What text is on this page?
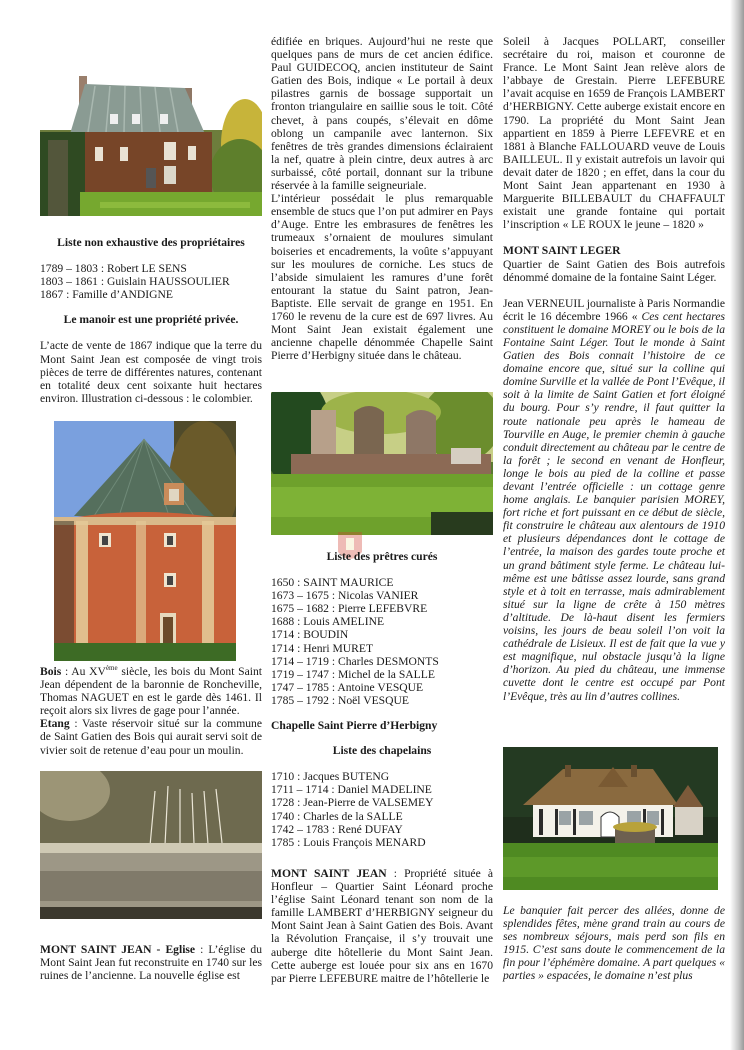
Liste non exhaustive des propriétaires
1789 – 1803 : Robert LE SENS
1803 – 1861 : Guislain HAUSSOULIER
1867 : Famille d’ANDIGNE
Le manoir est une propriété privée.
L’acte de vente de 1867 indique que la terre du Mont Saint Jean est composée de vingt trois pièces de terre de différentes natures, contenant en totalité deux cent soixante huit hectares environ. Illustration ci-dessous : le colombier.
Bois : Au XVème siècle, les bois du Mont Saint Jean dépendent de la baronnie de Roncheville, Thomas NAGUET en est le garde dès 1461. Il reçoit alors six livres de gage pour l’année.
Etang : Vaste réservoir situé sur la commune de Saint Gatien des Bois qui aurait servi soit de vivier soit de retenue d’eau pour un moulin.
MONT SAINT JEAN - Eglise : L’église du Mont Saint Jean fut reconstruite en 1740 sur les ruines de l’ancienne. La nouvelle église est
édifiée en briques. Aujourd’hui ne reste que quelques pans de murs de cet ancien édifice. Paul GUIDECOQ, ancien instituteur de Saint Gatien des Bois, indique « Le portail à deux pilastres garnis de bossage supportait un fronton triangulaire en saillie sous le toit. Côté chevet, à pans coupés, s’élevait en dôme oblong un campanile avec lanternon. Six fenêtres de très grandes dimensions éclairaient la nef, quatre à plein cintre, deux autres à arc surbaissé, côté portail, donnant sur la tribune réservée à la famille seigneuriale.
L’intérieur possédait le plus remarquable ensemble de stucs que l’on put admirer en Pays d’Auge. Entre les embrasures de fenêtres les trumeaux s’ornaient de moulures simulant boiseries et encadrements, la voûte s’appuyant sur les moulures de corniche. Les stucs de l’abside simulaient les ramures d’une forêt entourant la statue du Saint patron, Jean-Baptiste. Elle servait de grange en 1951. En 1760 le revenu de la cure est de 697 livres. Au Mont Saint Jean existait également une ancienne chapelle dénommée Chapelle Saint Pierre d’Herbigny située dans le château.
Liste des prêtres curés
1650 : SAINT MAURICE
1673 – 1675 : Nicolas VANIER
1675 – 1682 : Pierre LEFEBVRE
1688 : Louis AMELINE
1714 : BOUDIN
1714 : Henri MURET
1714 – 1719 : Charles DESMONTS
1719 – 1747 : Michel de la SALLE
1747 – 1785 : Antoine VESQUE
1785 – 1792 : Noël VESQUE
Chapelle Saint Pierre d’Herbigny
Liste des chapelains
1710 : Jacques BUTENG
1711 – 1714 : Daniel MADELINE
1728 : Jean-Pierre de VALSEMEY
1740 : Charles de la SALLE
1742 – 1783 : René DUFAY
1785 : Louis François MENARD
MONT SAINT JEAN : Propriété située à Honfleur – Quartier Saint Léonard proche l’église Saint Léonard tenant son nom de la famille LAMBERT d’HERBIGNY seigneur du Mont Saint Jean à Saint Gatien des Bois. Avant la Révolution Française, il s’y trouvait une auberge dite hôtellerie du Mont Saint Jean. Cette auberge est louée pour six ans en 1670 par Pierre LEFEBURE maitre de l’hôtellerie le
Soleil à Jacques POLLART, conseiller secrétaire du roi, maison et couronne de France. Le Mont Saint Jean relève alors de l’abbaye de Grestain. Pierre LEFEBURE l’avait acquise en 1659 de François LAMBERT d’HERBIGNY. Cette auberge existait encore en 1790. La propriété du Mont Saint Jean appartient en 1859 à Pierre LEFEVRE et en 1881 à Blanche FALLOUARD veuve de Louis BAILLEUL. Il y existait autrefois un lavoir qui devait dater de 1820 ; en effet, dans la cour du Mont Saint Jean appartenant en 1930 à Marguerite BILLEBAULT du CHAFFAULT existait une grande fontaine qui portait l’inscription « LE ROUX le jeune – 1820 »
MONT SAINT LEGER
Quartier de Saint Gatien des Bois autrefois dénommé domaine de la fontaine Saint Léger.
Jean VERNEUIL journaliste à Paris Normandie écrit le 16 décembre 1966 « Ces cent hectares constituent le domaine MOREY ou le bois de la Fontaine Saint Léger. Tout le monde à Saint Gatien des Bois connait l’histoire de ce domaine encore que, situé sur la colline qui domine Surville et la vallée de Pont l’Evêque, il soit à la limite de Saint Gatien et fort éloigné du bourg. Pour s’y rendre, il faut quitter la route nationale peu après le hameau de Tourville en Auge, le premier chemin à gauche conduit directement au château par le centre de la forêt ; le second en venant de Honfleur, longe le bois au pied de la colline et passe devant l’entrée officielle : un cottage genre home anglais. Le banquier parisien MOREY, fort riche et fort puissant en ce début de siècle, fit construire le château aux alentours de 1910 et plusieurs dépendances dont le cottage de l’entrée, la maison des gardes toute proche et un grand bâtiment style ferme. Le château lui-même est une bâtisse assez lourde, sans grand style et à toit en terrasse, mais admirablement situé sur la ligne de crête à 150 mètres d’altitude. De là-haut disent les fermiers voisins, les jours de beau soleil l’on voit la cathédrale de Lisieux. Il est de fait que la vue y est magnifique, nul obstacle jusqu’à la ligne d’horizon. Au pied du château, une immense cuvette dont le centre est occupé par Pont l’Evêque, très au lin d’autres collines.
Le banquier fait percer des allées, donne de splendides fêtes, mène grand train au cours de ses nombreux séjours, mais perd son fils en 1915. C’est sans doute le commencement de la fin pour l’éphémère domaine. A part quelques « parties » espacées, le domaine n’est plus
